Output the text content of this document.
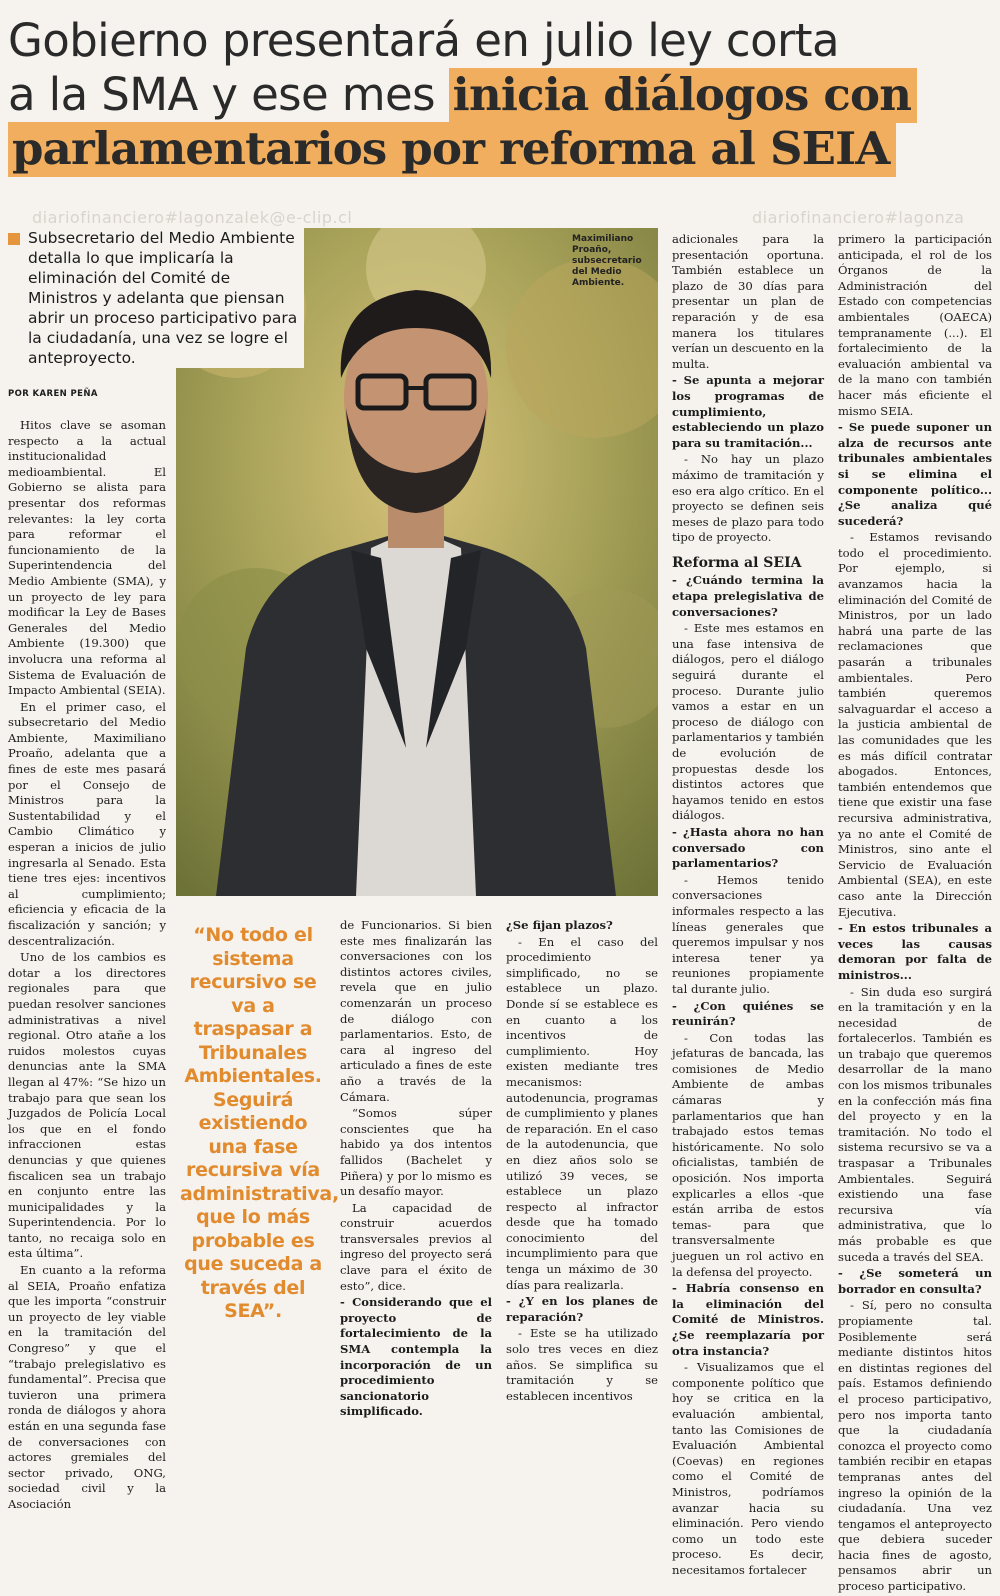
Gobierno presentará en julio ley corta
a la SMA y ese mes inicia diálogos con
parlamentarios por reforma al SEIA
diariofinanciero#lagonzalek@e-clip.cl	diariofinanciero#lagonza
Maximiliano Proaño, subsecretario del Medio Ambiente.
Subsecretario del Medio Ambiente detalla lo que implicaría la eliminación del Comité de Ministros y adelanta que piensan abrir un proceso participativo para la ciudadanía, una vez se logre el anteproyecto.
POR KAREN PEÑA

Hitos clave se asoman respecto a la actual institucionalidad medioambiental. El Gobierno se alista para presentar dos reformas relevantes: la ley corta para reformar el funcionamiento de la Superintendencia del Medio Ambiente (SMA), y un proyecto de ley para modificar la Ley de Bases Generales del Medio Ambiente (19.300) que involucra una reforma al Sistema de Evaluación de Impacto Ambiental (SEIA).

En el primer caso, el subsecretario del Medio Ambiente, Maximiliano Proaño, adelanta que a fines de este mes pasará por el Consejo de Ministros para la Sustentabilidad y el Cambio Climático y esperan a inicios de julio ingresarla al Senado. Esta tiene tres ejes: incentivos al cumplimiento; eficiencia y eficacia de la fiscalización y sanción; y descentralización.

Uno de los cambios es dotar a los directores regionales para que puedan resolver sanciones administrativas a nivel regional. Otro atañe a los ruidos molestos cuyas denuncias ante la SMA llegan al 47%: “Se hizo un trabajo para que sean los Juzgados de Policía Local los que en el fondo infraccionen estas denuncias y que quienes fiscalicen sea un trabajo en conjunto entre las municipalidades y la Superintendencia. Por lo tanto, no recaiga solo en esta última”.

En cuanto a la reforma al SEIA, Proaño enfatiza que les importa “construir un proyecto de ley viable en la tramitación del Congreso” y que el “trabajo prelegislativo es fundamental”. Precisa que tuvieron una primera ronda de diálogos y ahora están en una segunda fase de conversaciones con actores gremiales del sector privado, ONG, sociedad civil y la Asociación

“No todo el sistema recursivo se va a traspasar a Tribunales Ambientales. Seguirá existiendo una fase recursiva vía administrativa, que lo más probable es que suceda a través del SEA”.

de Funcionarios. Si bien este mes finalizarán las conversaciones con los distintos actores civiles, revela que en julio comenzarán un proceso de diálogo con parlamentarios. Esto, de cara al ingreso del articulado a fines de este año a través de la Cámara.

“Somos súper conscientes que ha habido ya dos intentos fallidos (Bachelet y Piñera) y por lo mismo es un desafío mayor.

La capacidad de construir acuerdos transversales previos al ingreso del proyecto será clave para el éxito de esto”, dice.

- Considerando que el proyecto de fortalecimiento de la SMA contempla la incorporación de un procedimiento sancionatorio simplificado.

¿Se fijan plazos?

- En el caso del procedimiento simplificado, no se establece un plazo. Donde sí se establece es en cuanto a los incentivos de cumplimiento. Hoy existen mediante tres mecanismos: autodenuncia, programas de cumplimiento y planes de reparación. En el caso de la autodenuncia, que en diez años solo se utilizó 39 veces, se establece un plazo respecto al infractor desde que ha tomado conocimiento del incumplimiento para que tenga un máximo de 30 días para realizarla.

- ¿Y en los planes de reparación?

- Este se ha utilizado solo tres veces en diez años. Se simplifica su tramitación y se establecen incentivos

adicionales para la presentación oportuna. También establece un plazo de 30 días para presentar un plan de reparación y de esa manera los titulares verían un descuento en la multa.

- Se apunta a mejorar los programas de cumplimiento, estableciendo un plazo para su tramitación...

- No hay un plazo máximo de tramitación y eso era algo crítico. En el proyecto se definen seis meses de plazo para todo tipo de proyecto.

Reforma al SEIA

- ¿Cuándo termina la etapa prelegislativa de conversaciones?

- Este mes estamos en una fase intensiva de diálogos, pero el diálogo seguirá durante el proceso. Durante julio vamos a estar en un proceso de diálogo con parlamentarios y también de evolución de propuestas desde los distintos actores que hayamos tenido en estos diálogos.

- ¿Hasta ahora no han conversado con parlamentarios?

- Hemos tenido conversaciones informales respecto a las líneas generales que queremos impulsar y nos interesa tener ya reuniones propiamente tal durante julio.

- ¿Con quiénes se reunirán?

- Con todas las jefaturas de bancada, las comisiones de Medio Ambiente de ambas cámaras y parlamentarios que han trabajado estos temas históricamente. No solo oficialistas, también de oposición. Nos importa explicarles a ellos -que están arriba de estos temas- para que transversalmente jueguen un rol activo en la defensa del proyecto.

- Habría consenso en la eliminación del Comité de Ministros. ¿Se reemplazaría por otra instancia?

- Visualizamos que el componente político que hoy se critica en la evaluación ambiental, tanto las Comisiones de Evaluación Ambiental (Coevas) en regiones como el Comité de Ministros, podríamos avanzar hacia su eliminación. Pero viendo como un todo este proceso. Es decir, necesitamos fortalecer

primero la participación anticipada, el rol de los Órganos de la Administración del Estado con competencias ambientales (OAECA) tempranamente (...). El fortalecimiento de la evaluación ambiental va de la mano con también hacer más eficiente el mismo SEIA.

- Se puede suponer un alza de recursos ante tribunales ambientales si se elimina el componente político... ¿Se analiza qué sucederá?

- Estamos revisando todo el procedimiento. Por ejemplo, si avanzamos hacia la eliminación del Comité de Ministros, por un lado habrá una parte de las reclamaciones que pasarán a tribunales ambientales. Pero también queremos salvaguardar el acceso a la justicia ambiental de las comunidades que les es más difícil contratar abogados. Entonces, también entendemos que tiene que existir una fase recursiva administrativa, ya no ante el Comité de Ministros, sino ante el Servicio de Evaluación Ambiental (SEA), en este caso ante la Dirección Ejecutiva.

- En estos tribunales a veces las causas demoran por falta de ministros...

- Sin duda eso surgirá en la tramitación y en la necesidad de fortalecerlos. También es un trabajo que queremos desarrollar de la mano con los mismos tribunales en la confección más fina del proyecto y en la tramitación. No todo el sistema recursivo se va a traspasar a Tribunales Ambientales. Seguirá existiendo una fase recursiva vía administrativa, que lo más probable es que suceda a través del SEA.

- ¿Se someterá un borrador en consulta?

- Sí, pero no consulta propiamente tal. Posiblemente será mediante distintos hitos en distintas regiones del país. Estamos definiendo el proceso participativo, pero nos importa tanto que la ciudadanía conozca el proyecto como también recibir en etapas tempranas antes del ingreso la opinión de la ciudadanía. Una vez tengamos el anteproyecto que debiera suceder hacia fines de agosto, pensamos abrir un proceso participativo.
